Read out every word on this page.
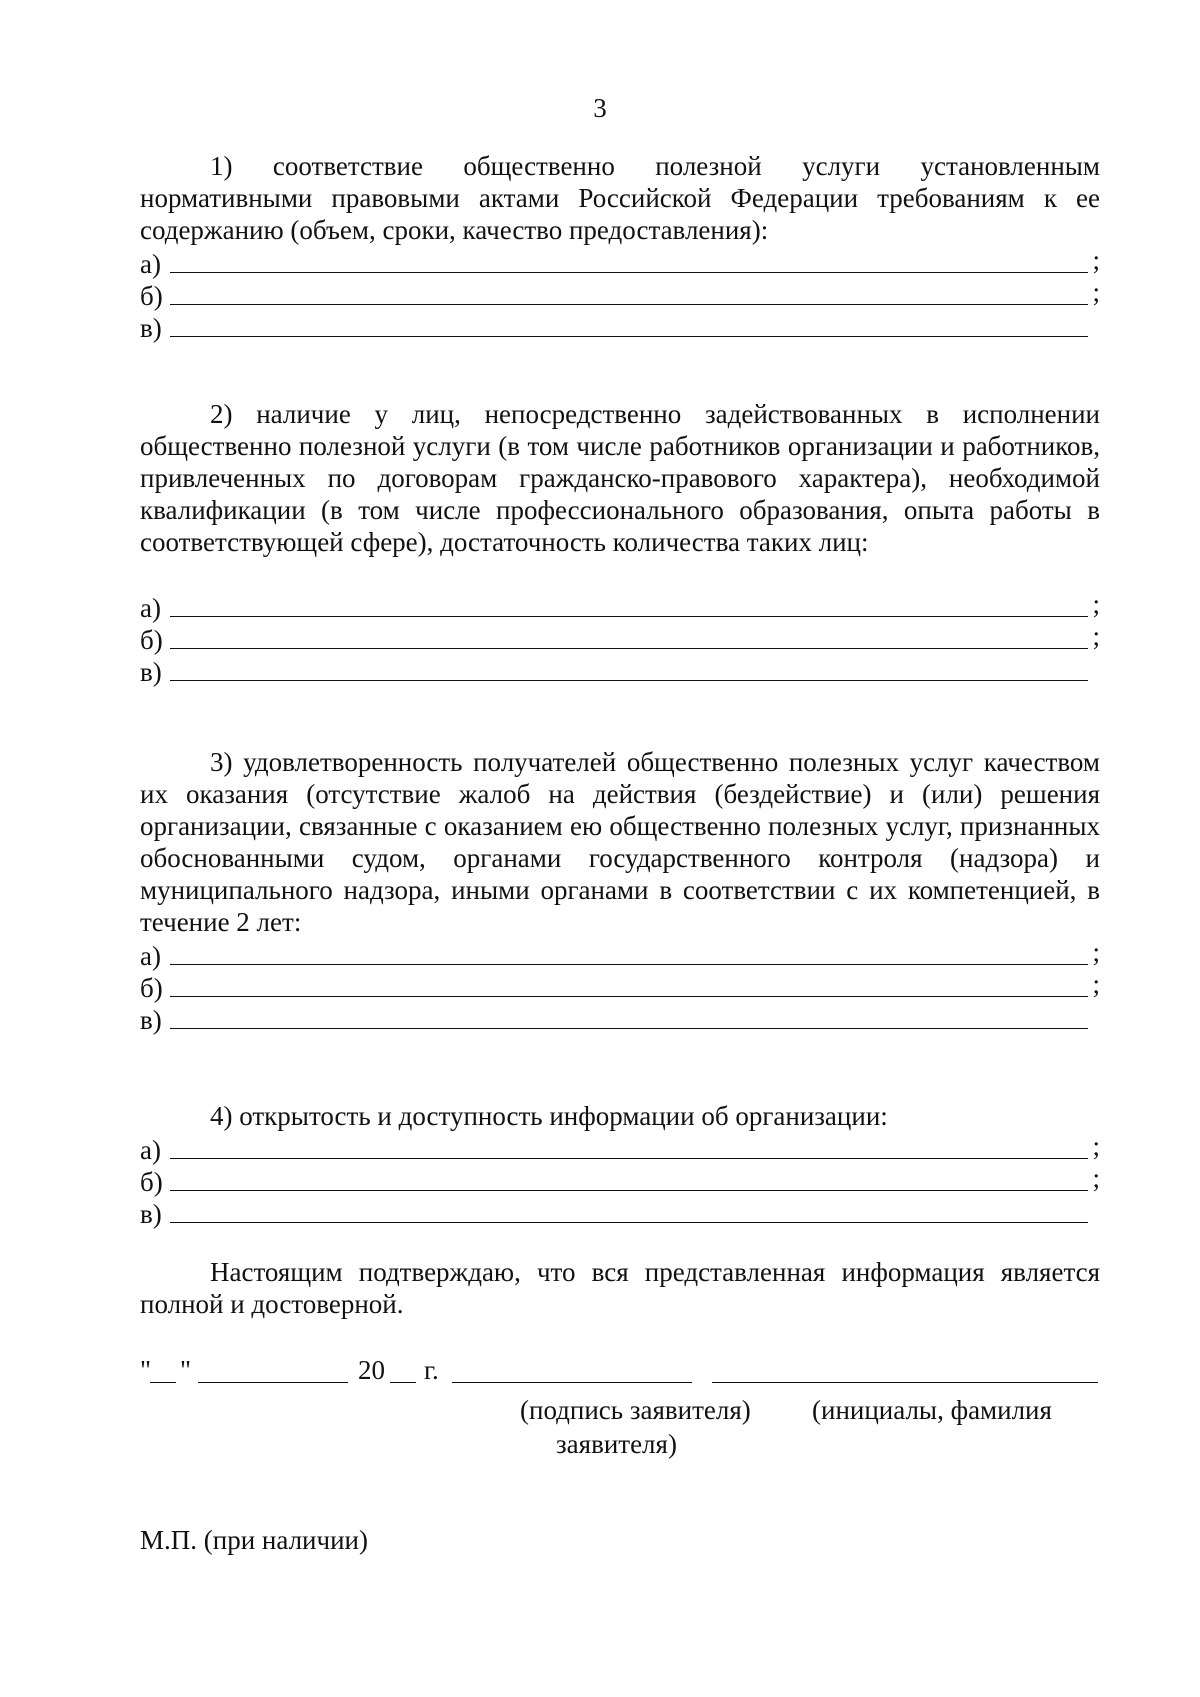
3
1) соответствие общественно полезной услуги установленным нормативными правовыми актами Российской Федерации требованиям к ее содержанию (объем, сроки, качество предоставления):
а)	;
б)	;
в)
2) наличие у лиц, непосредственно задействованных в исполнении общественно полезной услуги (в том числе работников организации и работников, привлеченных по договорам гражданско-правового характера), необходимой квалификации (в том числе профессионального образования, опыта работы в соответствующей сфере), достаточность количества таких лиц:
а)	;
б)	;
в)
3) удовлетворенность получателей общественно полезных услуг качеством их оказания (отсутствие жалоб на действия (бездействие) и (или) решения организации, связанные с оказанием ею общественно полезных услуг, признанных обоснованными судом, органами государственного контроля (надзора) и муниципального надзора, иными органами в соответствии с их компетенцией, в течение 2 лет:
а)	;
б)	;
в)
4) открытость и доступность информации об организации:
а)	;
б)	;
в)
Настоящим подтверждаю, что вся представленная информация является полной и достоверной.
" "	20 г.
(подпись заявителя) (инициалы, фамилия
заявителя)
М.П. (при наличии)
